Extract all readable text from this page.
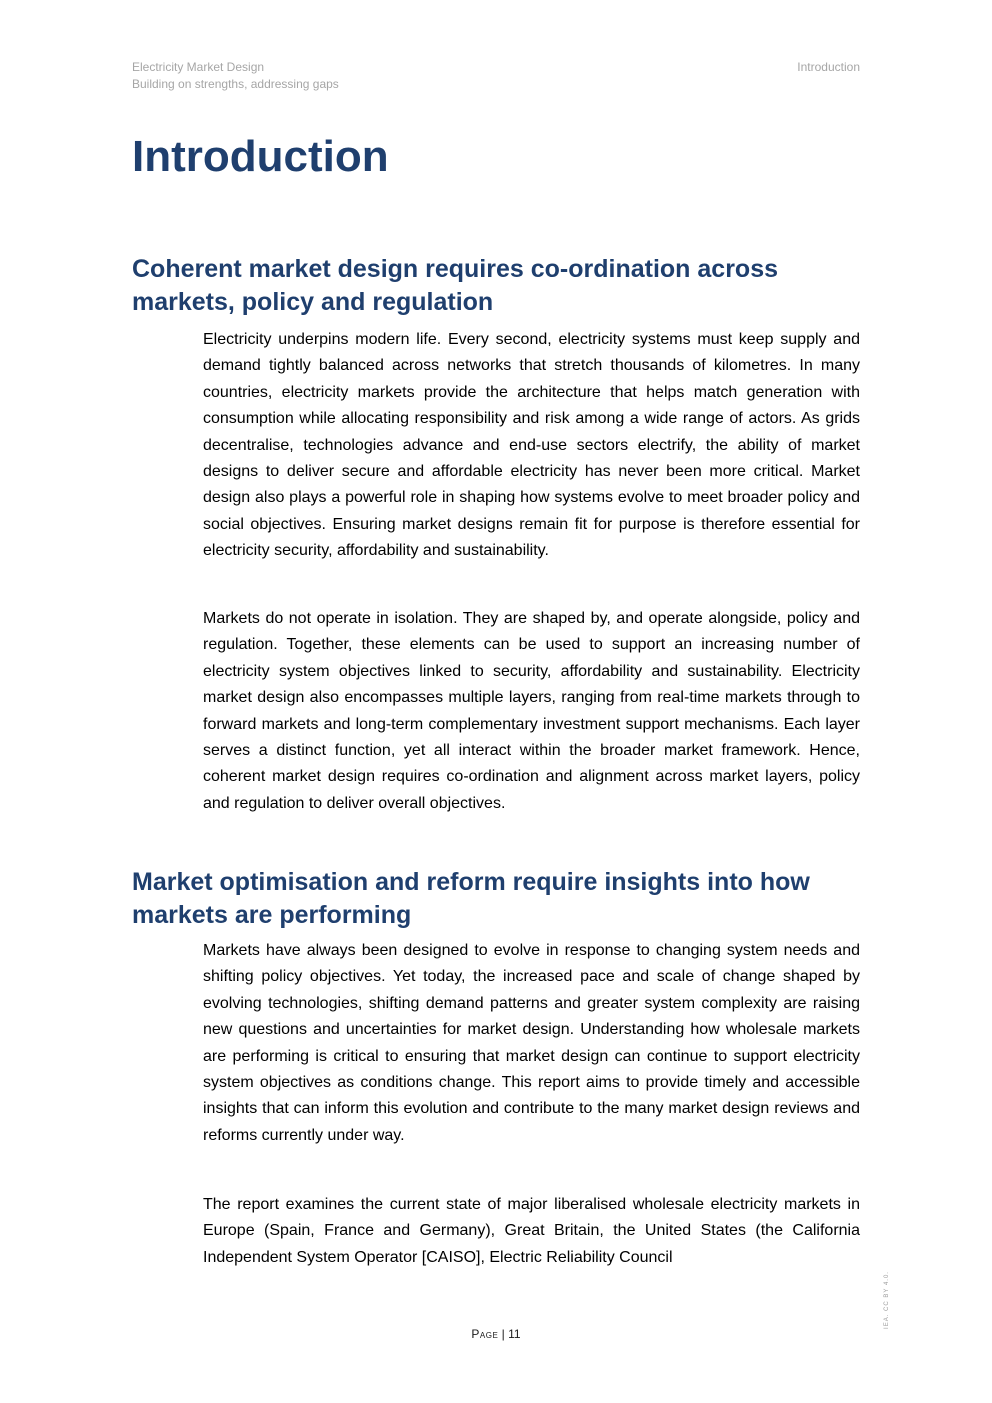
Electricity Market Design
Building on strengths, addressing gaps
Introduction
Introduction
Coherent market design requires co-ordination across markets, policy and regulation

Electricity underpins modern life. Every second, electricity systems must keep supply and demand tightly balanced across networks that stretch thousands of kilometres. In many countries, electricity markets provide the architecture that helps match generation with consumption while allocating responsibility and risk among a wide range of actors. As grids decentralise, technologies advance and end-use sectors electrify, the ability of market designs to deliver secure and affordable electricity has never been more critical. Market design also plays a powerful role in shaping how systems evolve to meet broader policy and social objectives. Ensuring market designs remain fit for purpose is therefore essential for electricity security, affordability and sustainability.

Markets do not operate in isolation. They are shaped by, and operate alongside, policy and regulation. Together, these elements can be used to support an increasing number of electricity system objectives linked to security, affordability and sustainability. Electricity market design also encompasses multiple layers, ranging from real-time markets through to forward markets and long-term complementary investment support mechanisms. Each layer serves a distinct function, yet all interact within the broader market framework. Hence, coherent market design requires co-ordination and alignment across market layers, policy and regulation to deliver overall objectives.

Market optimisation and reform require insights into how markets are performing

Markets have always been designed to evolve in response to changing system needs and shifting policy objectives. Yet today, the increased pace and scale of change shaped by evolving technologies, shifting demand patterns and greater system complexity are raising new questions and uncertainties for market design. Understanding how wholesale markets are performing is critical to ensuring that market design can continue to support electricity system objectives as conditions change. This report aims to provide timely and accessible insights that can inform this evolution and contribute to the many market design reviews and reforms currently under way.

The report examines the current state of major liberalised wholesale electricity markets in Europe (Spain, France and Germany), Great Britain, the United States (the California Independent System Operator [CAISO], Electric Reliability Council

Page | 11
IEA. CC BY 4.0.
